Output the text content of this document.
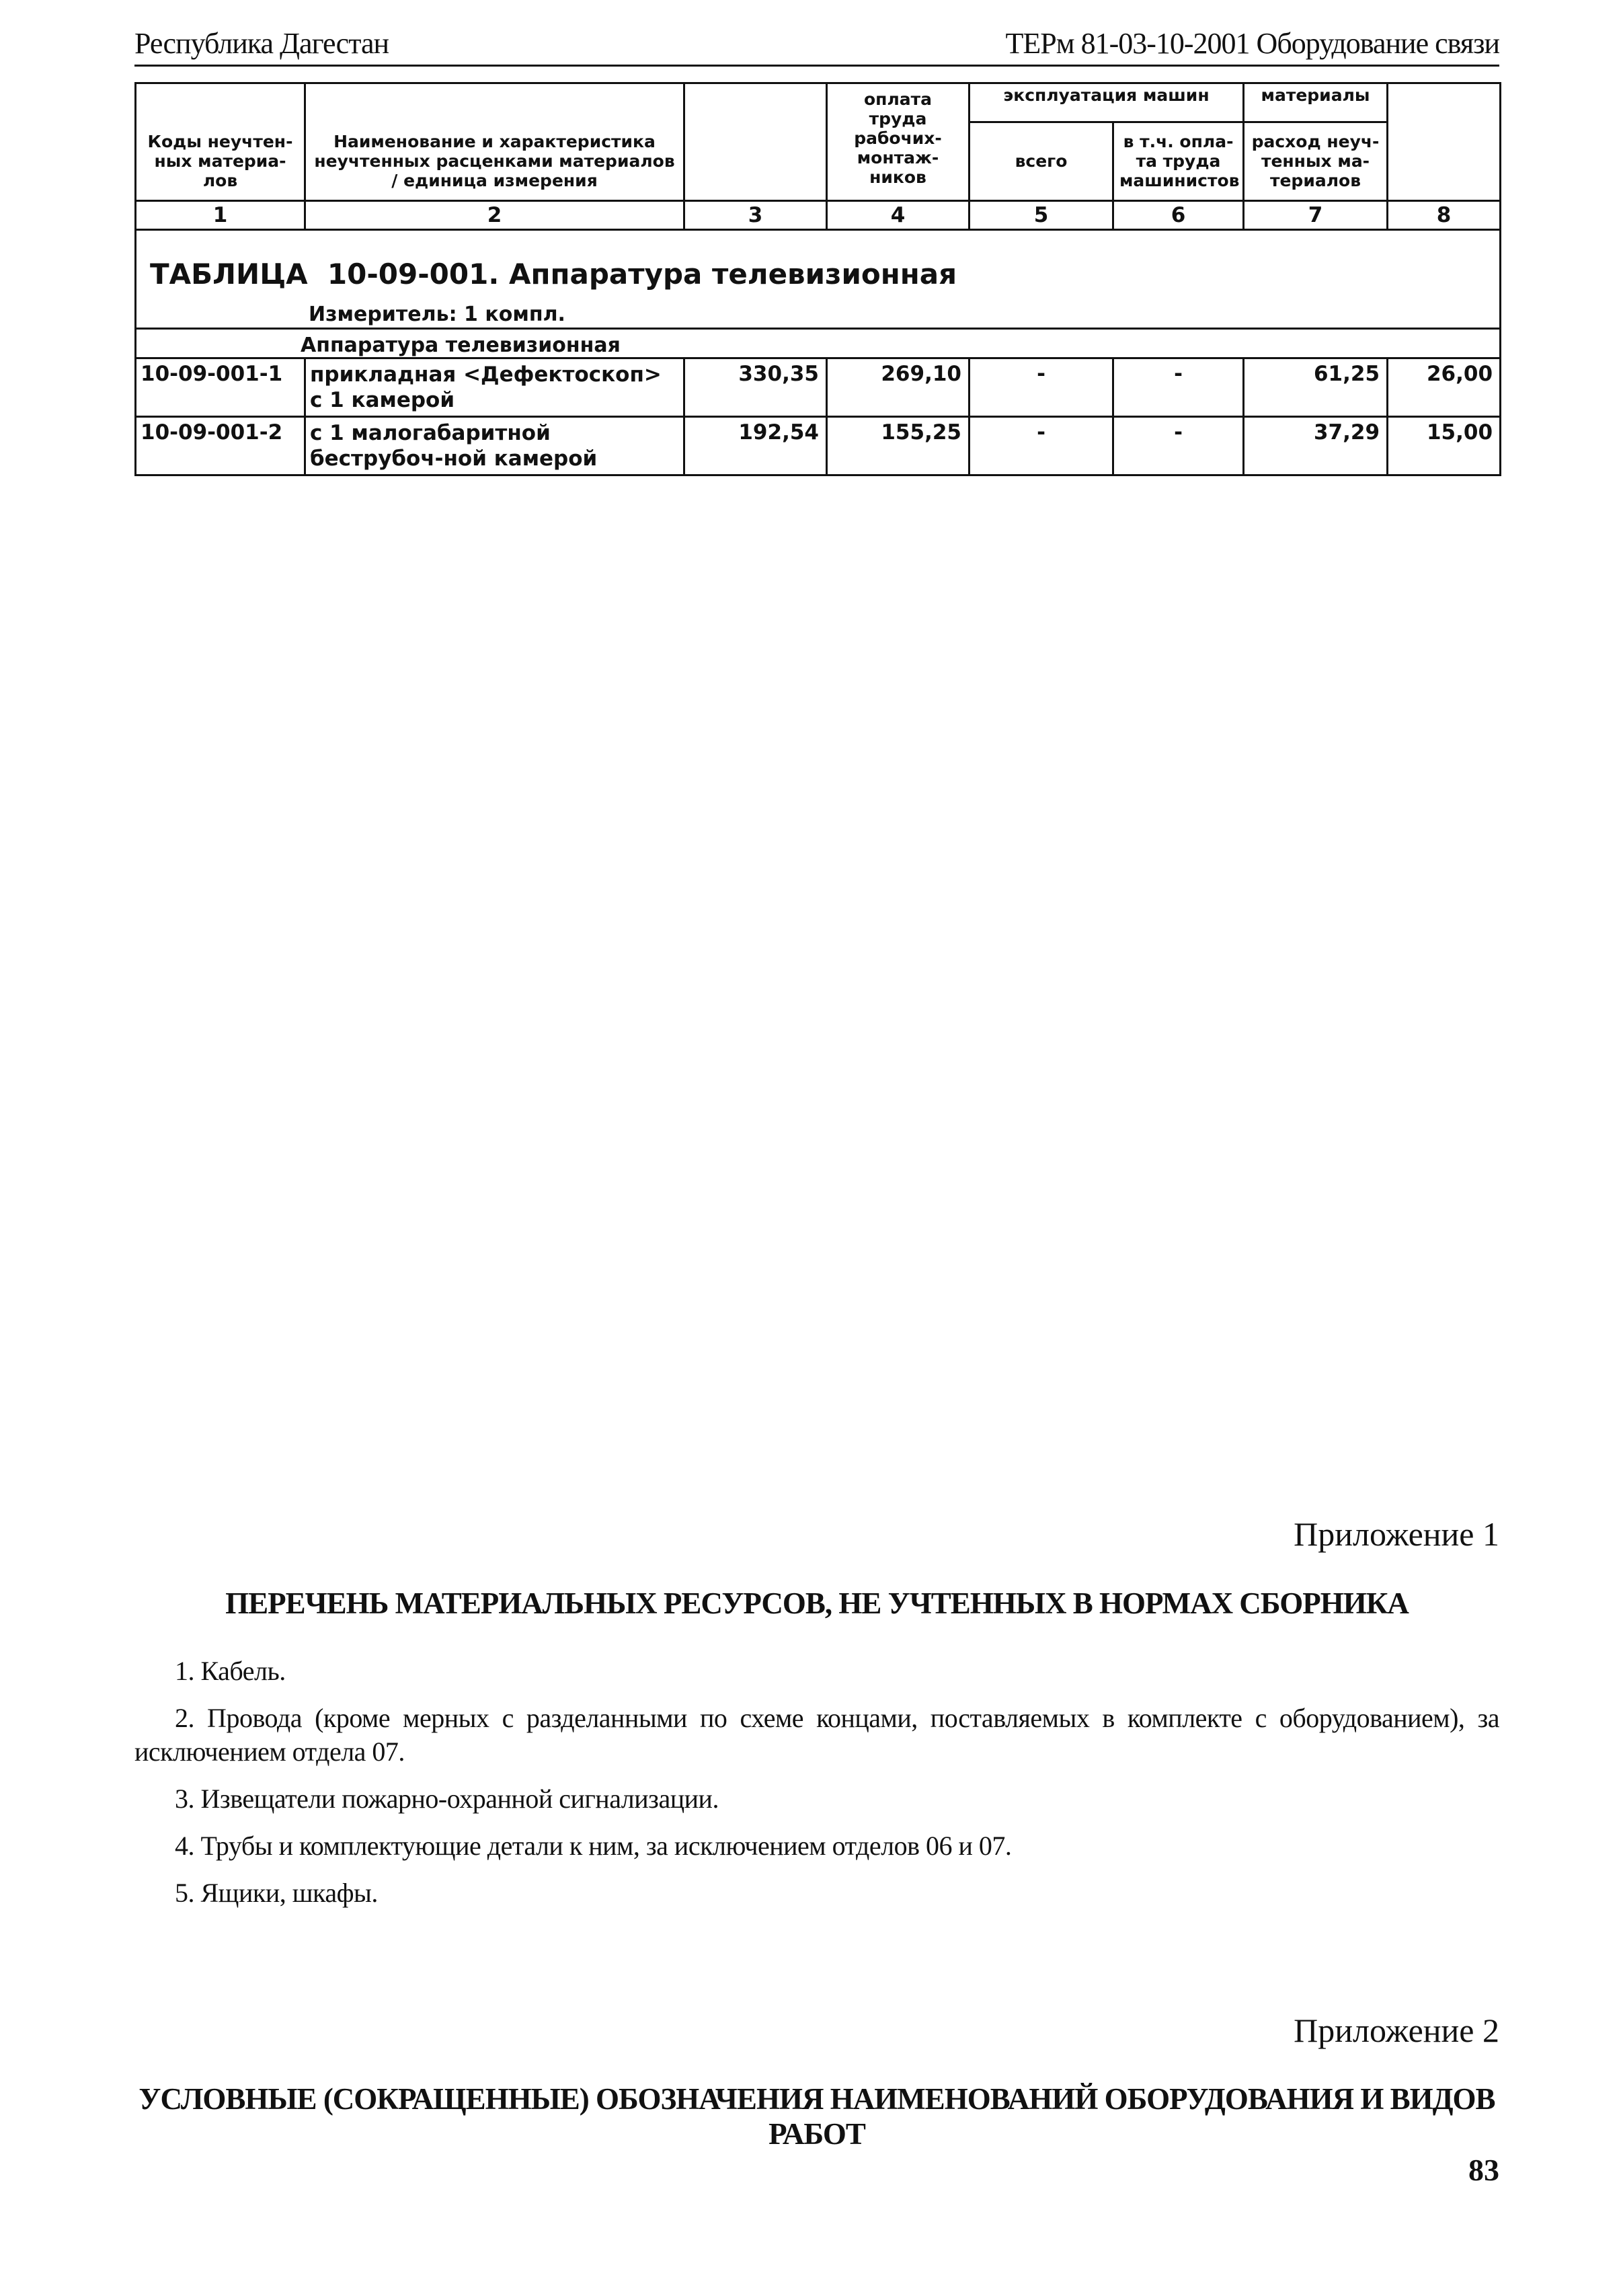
Республика Дагестан	ТЕРм 81-03-10-2001 Оборудование связи
			оплата труда рабочих-монтаж-ников	эксплуатация машин		материалы	
Коды неучтен-ных материа-лов	Наименование и характеристика неучтенных расценками материалов / единица измерения			всего	в т.ч. опла-та труда машинистов	расход неуч-тенных ма-териалов	
1	2	3	4	5	6	7	8

ТАБЛИЦА 10-09-001. Аппаратура телевизионная
Измеритель: 1 компл.							

Аппаратура телевизионная							
10-09-001-1	прикладная <Дефектоскоп> с 1 камерой	330,35	269,10	-	-	61,25	26,00
10-09-001-2	с 1 малогабаритной беструбоч-ной камерой	192,54	155,25	-	-	37,29	15,00
Приложение 1
ПЕРЕЧЕНЬ МАТЕРИАЛЬНЫХ РЕСУРСОВ, НЕ УЧТЕННЫХ В НОРМАХ СБОРНИКА
1. Кабель.
2. Провода (кроме мерных с разделанными по схеме концами, поставляемых в комплекте с оборудованием), за исключением отдела 07.
3. Извещатели пожарно-охранной сигнализации.
4. Трубы и комплектующие детали к ним, за исключением отделов 06 и 07.
5. Ящики, шкафы.
Приложение 2
УСЛОВНЫЕ (СОКРАЩЕННЫЕ) ОБОЗНАЧЕНИЯ НАИМЕНОВАНИЙ ОБОРУДОВАНИЯ И ВИДОВ РАБОТ
83
